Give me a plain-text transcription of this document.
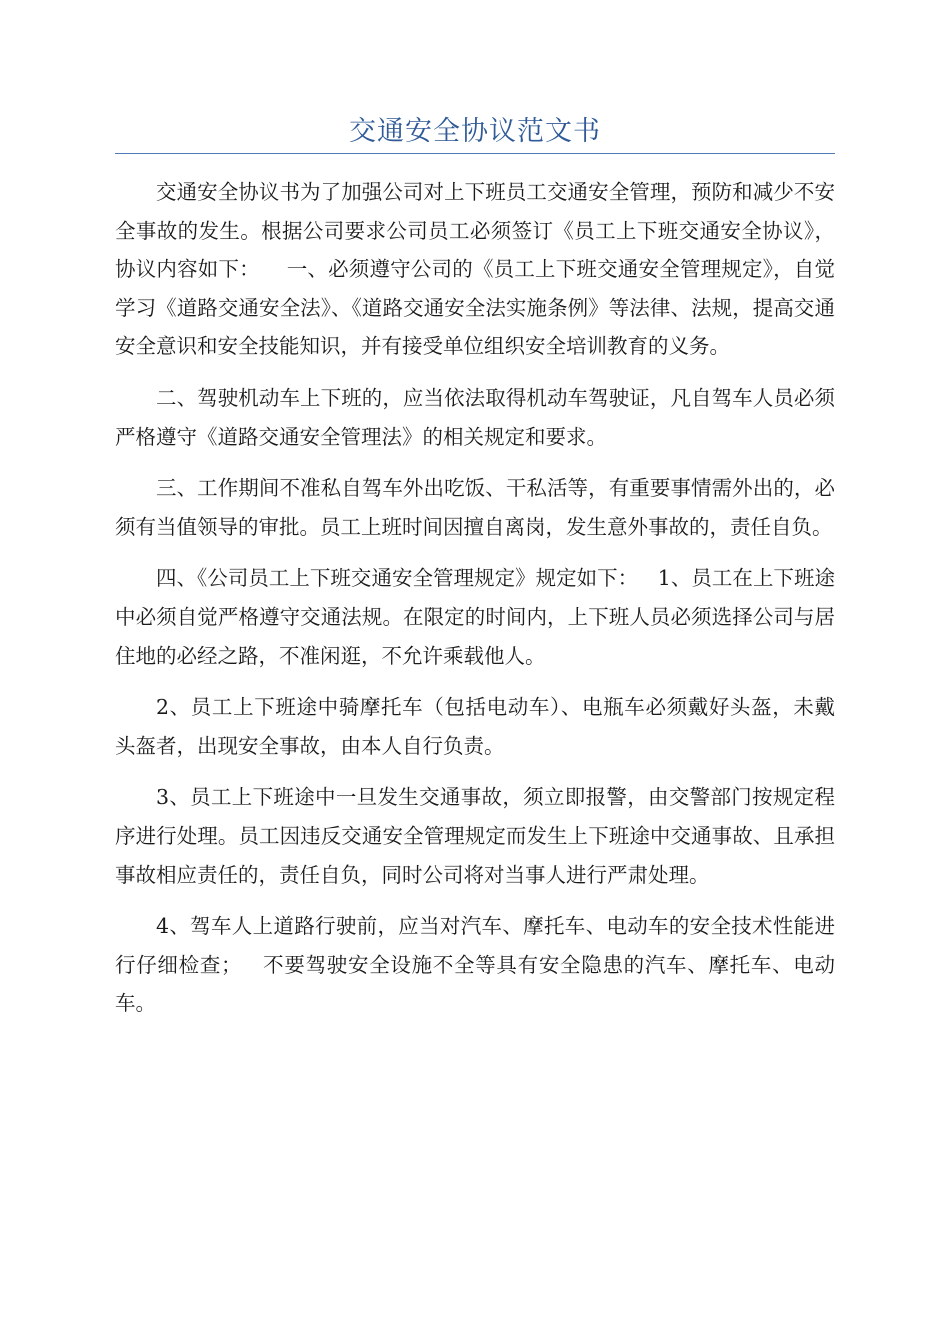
交通安全协议范文书

交通安全协议书为了加强公司对上下班员工交通安全管理，预防和减少不安全事故的发生。根据公司要求公司员工必须签订《员工上下班交通安全协议》，协议内容如下：    一、必须遵守公司的《员工上下班交通安全管理规定》，自觉学习《道路交通安全法》、《道路交通安全法实施条例》等法律、法规，提高交通安全意识和安全技能知识，并有接受单位组织安全培训教育的义务。

二、驾驶机动车上下班的，应当依法取得机动车驾驶证，凡自驾车人员必须严格遵守《道路交通安全管理法》的相关规定和要求。

三、工作期间不准私自驾车外出吃饭、干私活等，有重要事情需外出的，必须有当值领导的审批。员工上班时间因擅自离岗，发生意外事故的，责任自负。

四、《公司员工上下班交通安全管理规定》规定如下：   1、员工在上下班途中必须自觉严格遵守交通法规。在限定的时间内，上下班人员必须选择公司与居住地的必经之路，不准闲逛，不允许乘载他人。

2、员工上下班途中骑摩托车（包括电动车）、电瓶车必须戴好头盔，未戴头盔者，出现安全事故，由本人自行负责。

3、员工上下班途中一旦发生交通事故，须立即报警，由交警部门按规定程序进行处理。员工因违反交通安全管理规定而发生上下班途中交通事故、且承担事故相应责任的，责任自负，同时公司将对当事人进行严肃处理。

4、驾车人上道路行驶前，应当对汽车、摩托车、电动车的安全技术性能进行仔细检查；   不要驾驶安全设施不全等具有安全隐患的汽车、摩托车、电动车。
